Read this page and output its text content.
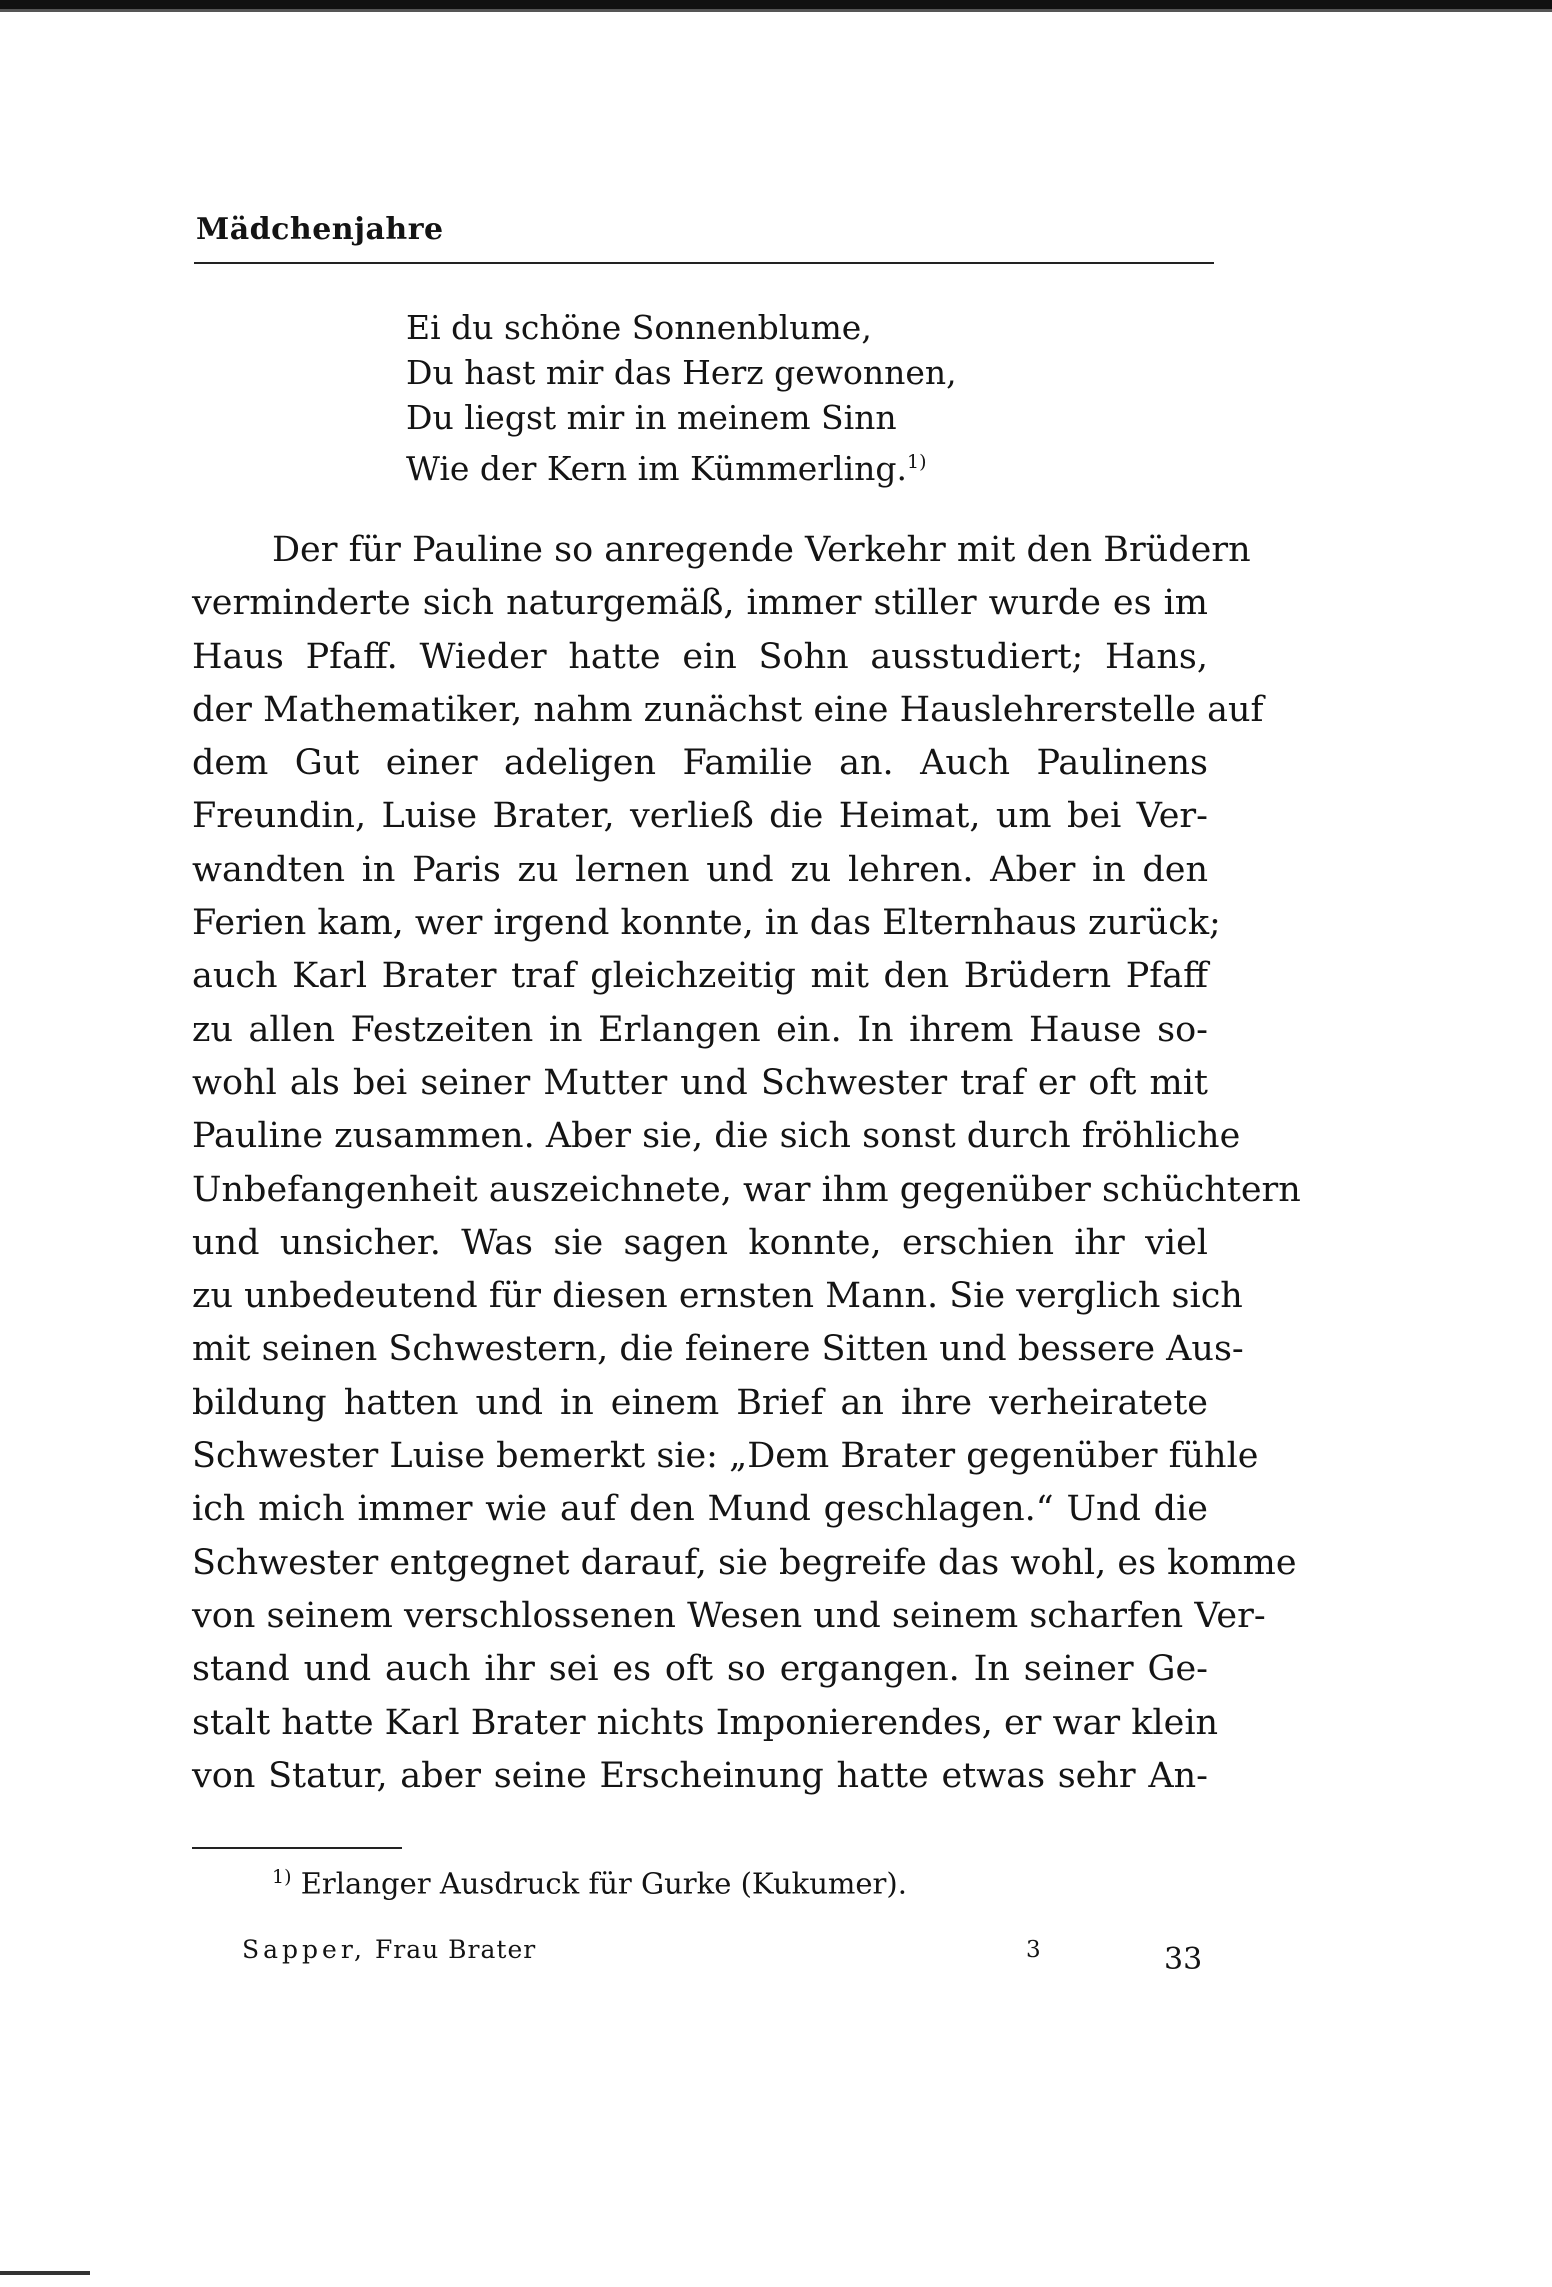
Mädchenjahre
Ei du schöne Sonnenblume,
Du hast mir das Herz gewonnen,
Du liegst mir in meinem Sinn
Wie der Kern im Kümmerling.$^{1)}$
Der für Pauline so anregende Verkehr mit den Brüdern
verminderte sich naturgemäß, immer stiller wurde es im
Haus Pfaff. Wieder hatte ein Sohn ausstudiert; Hans,
der Mathematiker, nahm zunächst eine Hauslehrerstelle auf
dem Gut einer adeligen Familie an. Auch Paulinens
Freundin, Luise Brater, verließ die Heimat, um bei Ver-
wandten in Paris zu lernen und zu lehren. Aber in den
Ferien kam, wer irgend konnte, in das Elternhaus zurück;
auch Karl Brater traf gleichzeitig mit den Brüdern Pfaff
zu allen Festzeiten in Erlangen ein. In ihrem Hause so-
wohl als bei seiner Mutter und Schwester traf er oft mit
Pauline zusammen. Aber sie, die sich sonst durch fröhliche
Unbefangenheit auszeichnete, war ihm gegenüber schüchtern
und unsicher. Was sie sagen konnte, erschien ihr viel
zu unbedeutend für diesen ernsten Mann. Sie verglich sich
mit seinen Schwestern, die feinere Sitten und bessere Aus-
bildung hatten und in einem Brief an ihre verheiratete
Schwester Luise bemerkt sie: „Dem Brater gegenüber fühle
ich mich immer wie auf den Mund geschlagen.“ Und die
Schwester entgegnet darauf, sie begreife das wohl, es komme
von seinem verschlossenen Wesen und seinem scharfen Ver-
stand und auch ihr sei es oft so ergangen. In seiner Ge-
stalt hatte Karl Brater nichts Imponierendes, er war klein
von Statur, aber seine Erscheinung hatte etwas sehr An-
$^{1)}$ Erlanger Ausdruck für Gurke (Kukumer).
Sapper, Frau Brater	3	33
